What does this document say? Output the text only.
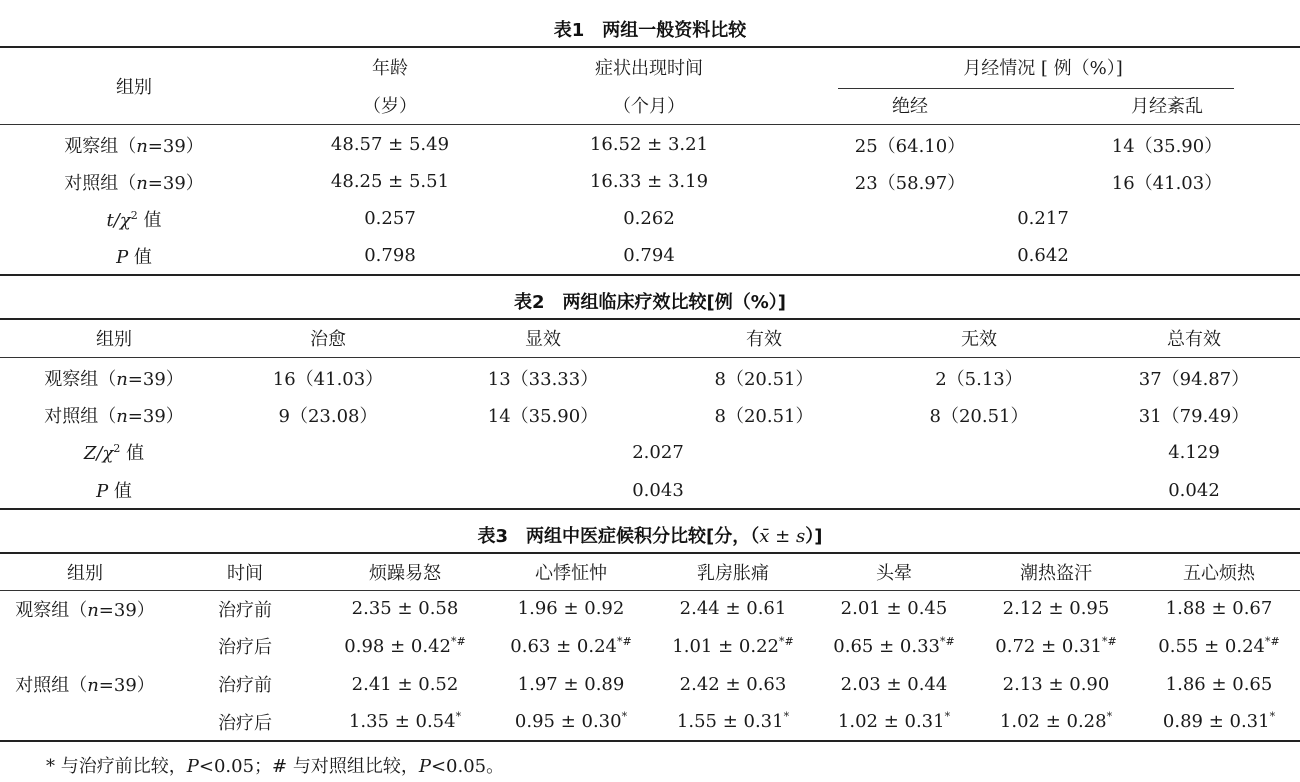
表1　两组一般资料比较
组别	年龄	症状出现时间	月经情况 [ 例（%）]	
	（岁）	（个月）	绝经	月经紊乱
观察组（n=39）	48.57 ± 5.49	16.52 ± 3.21	25（64.10）	14（35.90）
对照组（n=39）	48.25 ± 5.51	16.33 ± 3.19	23（58.97）	16（41.03）
$t/\chi^2$ 值	0.257	0.262	0.217	
P 值	0.798	0.794	0.642	
表2　两组临床疗效比较[例（%）]
组别	治愈	显效	有效	无效	总有效
观察组（n=39）	16（41.03）	13（33.33）	8（20.51）	2（5.13）	37（94.87）
对照组（n=39）	9（23.08）	14（35.90）	8（20.51）	8（20.51）	31（79.49）
$Z/\chi^2$ 值	2.027				4.129
P 值	0.043				0.042
表3　两组中医症候积分比较[分，（x̄ ± s）]
组别	时间	烦躁易怒	心悸怔忡	乳房胀痛	头晕	潮热盗汗	五心烦热
观察组（n=39）	治疗前	2.35 ± 0.58	1.96 ± 0.92	2.44 ± 0.61	2.01 ± 0.45	2.12 ± 0.95	1.88 ± 0.67
	治疗后	0.98 ± 0.42*#	0.63 ± 0.24*#	1.01 ± 0.22*#	0.65 ± 0.33*#	0.72 ± 0.31*#	0.55 ± 0.24*#
对照组（n=39）	治疗前	2.41 ± 0.52	1.97 ± 0.89	2.42 ± 0.63	2.03 ± 0.44	2.13 ± 0.90	1.86 ± 0.65
	治疗后	1.35 ± 0.54*	0.95 ± 0.30*	1.55 ± 0.31*	1.02 ± 0.31*	1.02 ± 0.28*	0.89 ± 0.31*
* 与治疗前比较，P<0.05；# 与对照组比较，P<0.05。
